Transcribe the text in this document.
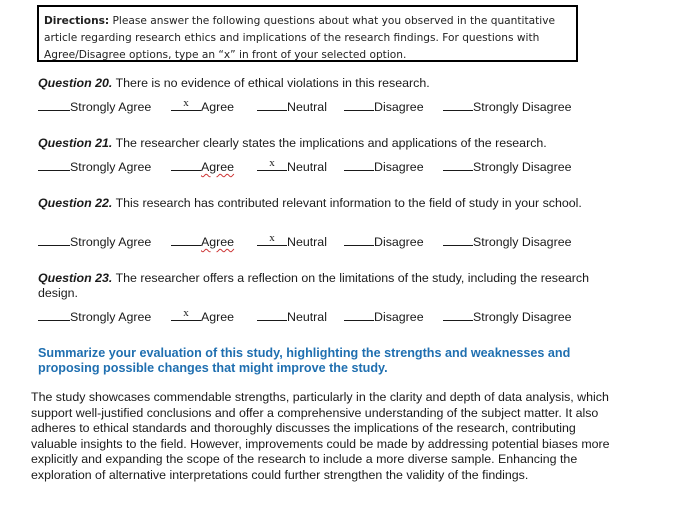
Directions: Please answer the following questions about what you observed in the quantitative article regarding research ethics and implications of the research findings. For questions with Agree/Disagree options, type an “x” in front of your selected option.
Question 20. There is no evidence of ethical violations in this research.
Strongly Agree	x Agree	Neutral	Disagree	Strongly Disagree
Question 21. The researcher clearly states the implications and applications of the research.
Strongly Agree	Agree	x Neutral	Disagree	Strongly Disagree
Question 22. This research has contributed relevant information to the field of study in your school.
Strongly Agree	Agree	x Neutral	Disagree	Strongly Disagree
Question 23. The researcher offers a reflection on the limitations of the study, including the research design.
Strongly Agree	x Agree	Neutral	Disagree	Strongly Disagree
Summarize your evaluation of this study, highlighting the strengths and weaknesses and proposing possible changes that might improve the study.
The study showcases commendable strengths, particularly in the clarity and depth of data analysis, which support well-justified conclusions and offer a comprehensive understanding of the subject matter. It also adheres to ethical standards and thoroughly discusses the implications of the research, contributing valuable insights to the field. However, improvements could be made by addressing potential biases more explicitly and expanding the scope of the research to include a more diverse sample. Enhancing the exploration of alternative interpretations could further strengthen the validity of the findings.
